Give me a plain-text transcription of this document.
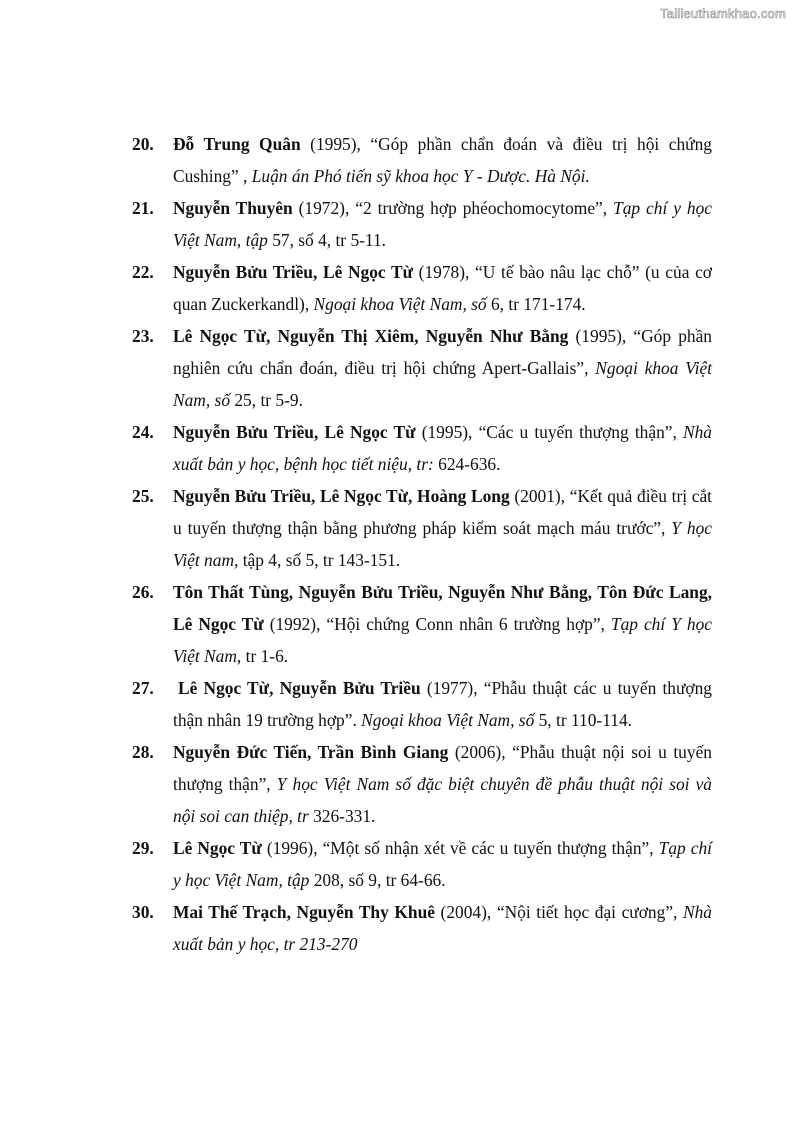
Tailieuthamkhao.com
20. Đỗ Trung Quân (1995), “Góp phần chẩn đoán và điều trị hội chứng Cushing” , Luận án Phó tiến sỹ khoa học Y - Dược. Hà Nội.
21. Nguyễn Thuyên (1972), “2 trường hợp phéochomocytome”, Tạp chí y học Việt Nam, tập 57, số 4, tr 5-11.
22. Nguyễn Bửu Triều, Lê Ngọc Từ (1978), “U tế bào nâu lạc chỗ” (u của cơ quan Zuckerkandl), Ngoại khoa Việt Nam, số 6, tr 171-174.
23. Lê Ngọc Từ, Nguyễn Thị Xiêm, Nguyễn Như Bằng (1995), “Góp phần nghiên cứu chẩn đoán, điều trị hội chứng Apert-Gallais”, Ngoại khoa Việt Nam, số 25, tr 5-9.
24. Nguyễn Bửu Triều, Lê Ngọc Từ (1995), “Các u tuyến thượng thận”, Nhà xuất bản y học, bệnh học tiết niệu, tr: 624-636.
25. Nguyễn Bửu Triều, Lê Ngọc Từ, Hoàng Long (2001), “Kết quả điều trị cắt u tuyến thượng thận bằng phương pháp kiểm soát mạch máu trước”, Y học Việt nam, tập 4, số 5, tr 143-151.
26. Tôn Thất Tùng, Nguyễn Bửu Triều, Nguyễn Như Bằng, Tôn Đức Lang, Lê Ngọc Từ (1992), “Hội chứng Conn nhân 6 trường hợp”, Tạp chí Y học Việt Nam, tr 1-6.
27. Lê Ngọc Từ, Nguyễn Bửu Triều (1977), “Phẫu thuật các u tuyến thượng thận nhân 19 trường hợp”. Ngoại khoa Việt Nam, số 5, tr 110-114.
28. Nguyễn Đức Tiến, Trần Bình Giang (2006), “Phẫu thuật nội soi u tuyến thượng thận”, Y học Việt Nam số đặc biệt chuyên đề phẫu thuật nội soi và nội soi can thiệp, tr 326-331.
29. Lê Ngọc Từ (1996), “Một số nhận xét về các u tuyến thượng thận”, Tạp chí y học Việt Nam, tập 208, số 9, tr 64-66.
30. Mai Thế Trạch, Nguyễn Thy Khuê (2004), “Nội tiết học đại cương”, Nhà xuất bản y học, tr 213-270
